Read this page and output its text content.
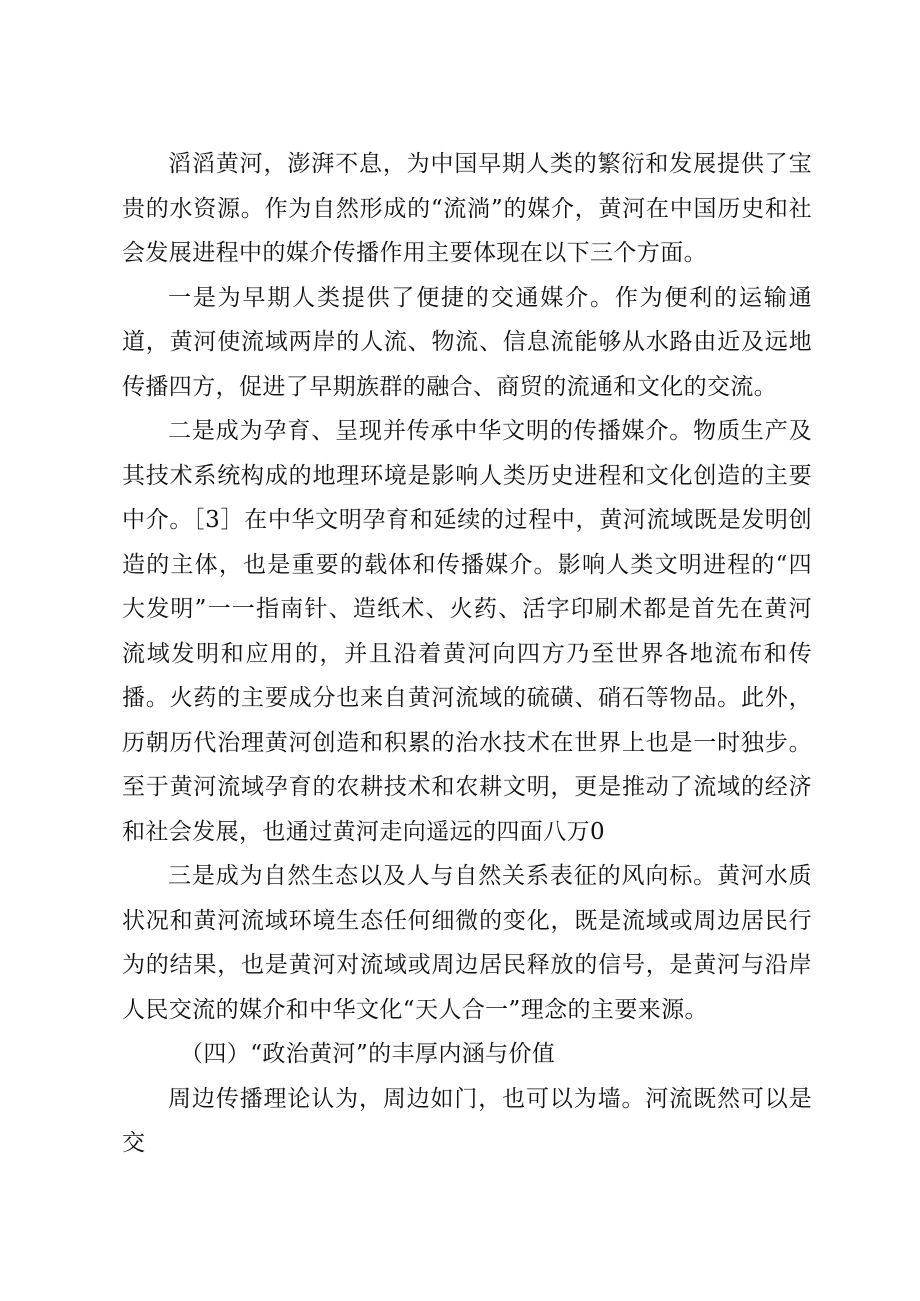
滔滔黄河，澎湃不息，为中国早期人类的繁衍和发展提供了宝贵的水资源。作为自然形成的“流淌”的媒介，黄河在中国历史和社会发展进程中的媒介传播作用主要体现在以下三个方面。

一是为早期人类提供了便捷的交通媒介。作为便利的运输通道，黄河使流域两岸的人流、物流、信息流能够从水路由近及远地传播四方，促进了早期族群的融合、商贸的流通和文化的交流。

二是成为孕育、呈现并传承中华文明的传播媒介。物质生产及其技术系统构成的地理环境是影响人类历史进程和文化创造的主要中介。［3］在中华文明孕育和延续的过程中，黄河流域既是发明创造的主体，也是重要的载体和传播媒介。影响人类文明进程的“四大发明”一一指南针、造纸术、火药、活字印刷术都是首先在黄河流域发明和应用的，并且沿着黄河向四方乃至世界各地流布和传播。火药的主要成分也来自黄河流域的硫磺、硝石等物品。此外，历朝历代治理黄河创造和积累的治水技术在世界上也是一时独步。至于黄河流域孕育的农耕技术和农耕文明，更是推动了流域的经济和社会发展，也通过黄河走向遥远的四面八万0

三是成为自然生态以及人与自然关系表征的风向标。黄河水质状况和黄河流域环境生态任何细微的变化，既是流域或周边居民行为的结果，也是黄河对流域或周边居民释放的信号，是黄河与沿岸人民交流的媒介和中华文化“天人合一”理念的主要来源。

（四）“政治黄河”的丰厚内涵与价值

周边传播理论认为，周边如门，也可以为墙。河流既然可以是交
